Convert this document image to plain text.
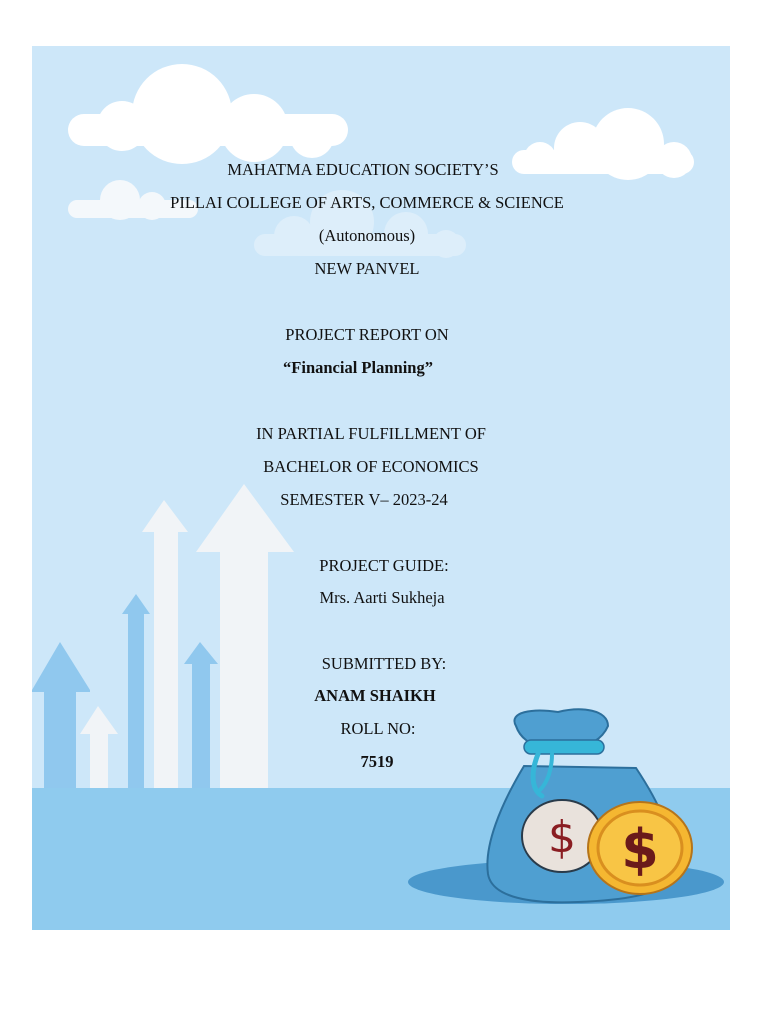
$ $
MAHATMA EDUCATION SOCIETY’S
PILLAI COLLEGE OF ARTS, COMMERCE & SCIENCE
(Autonomous)
NEW PANVEL
PROJECT REPORT ON
“Financial Planning”
IN PARTIAL FULFILLMENT OF
BACHELOR OF ECONOMICS
SEMESTER V– 2023-24
PROJECT GUIDE:
Mrs. Aarti Sukheja
SUBMITTED BY:
ANAM SHAIKH
ROLL NO:
7519
